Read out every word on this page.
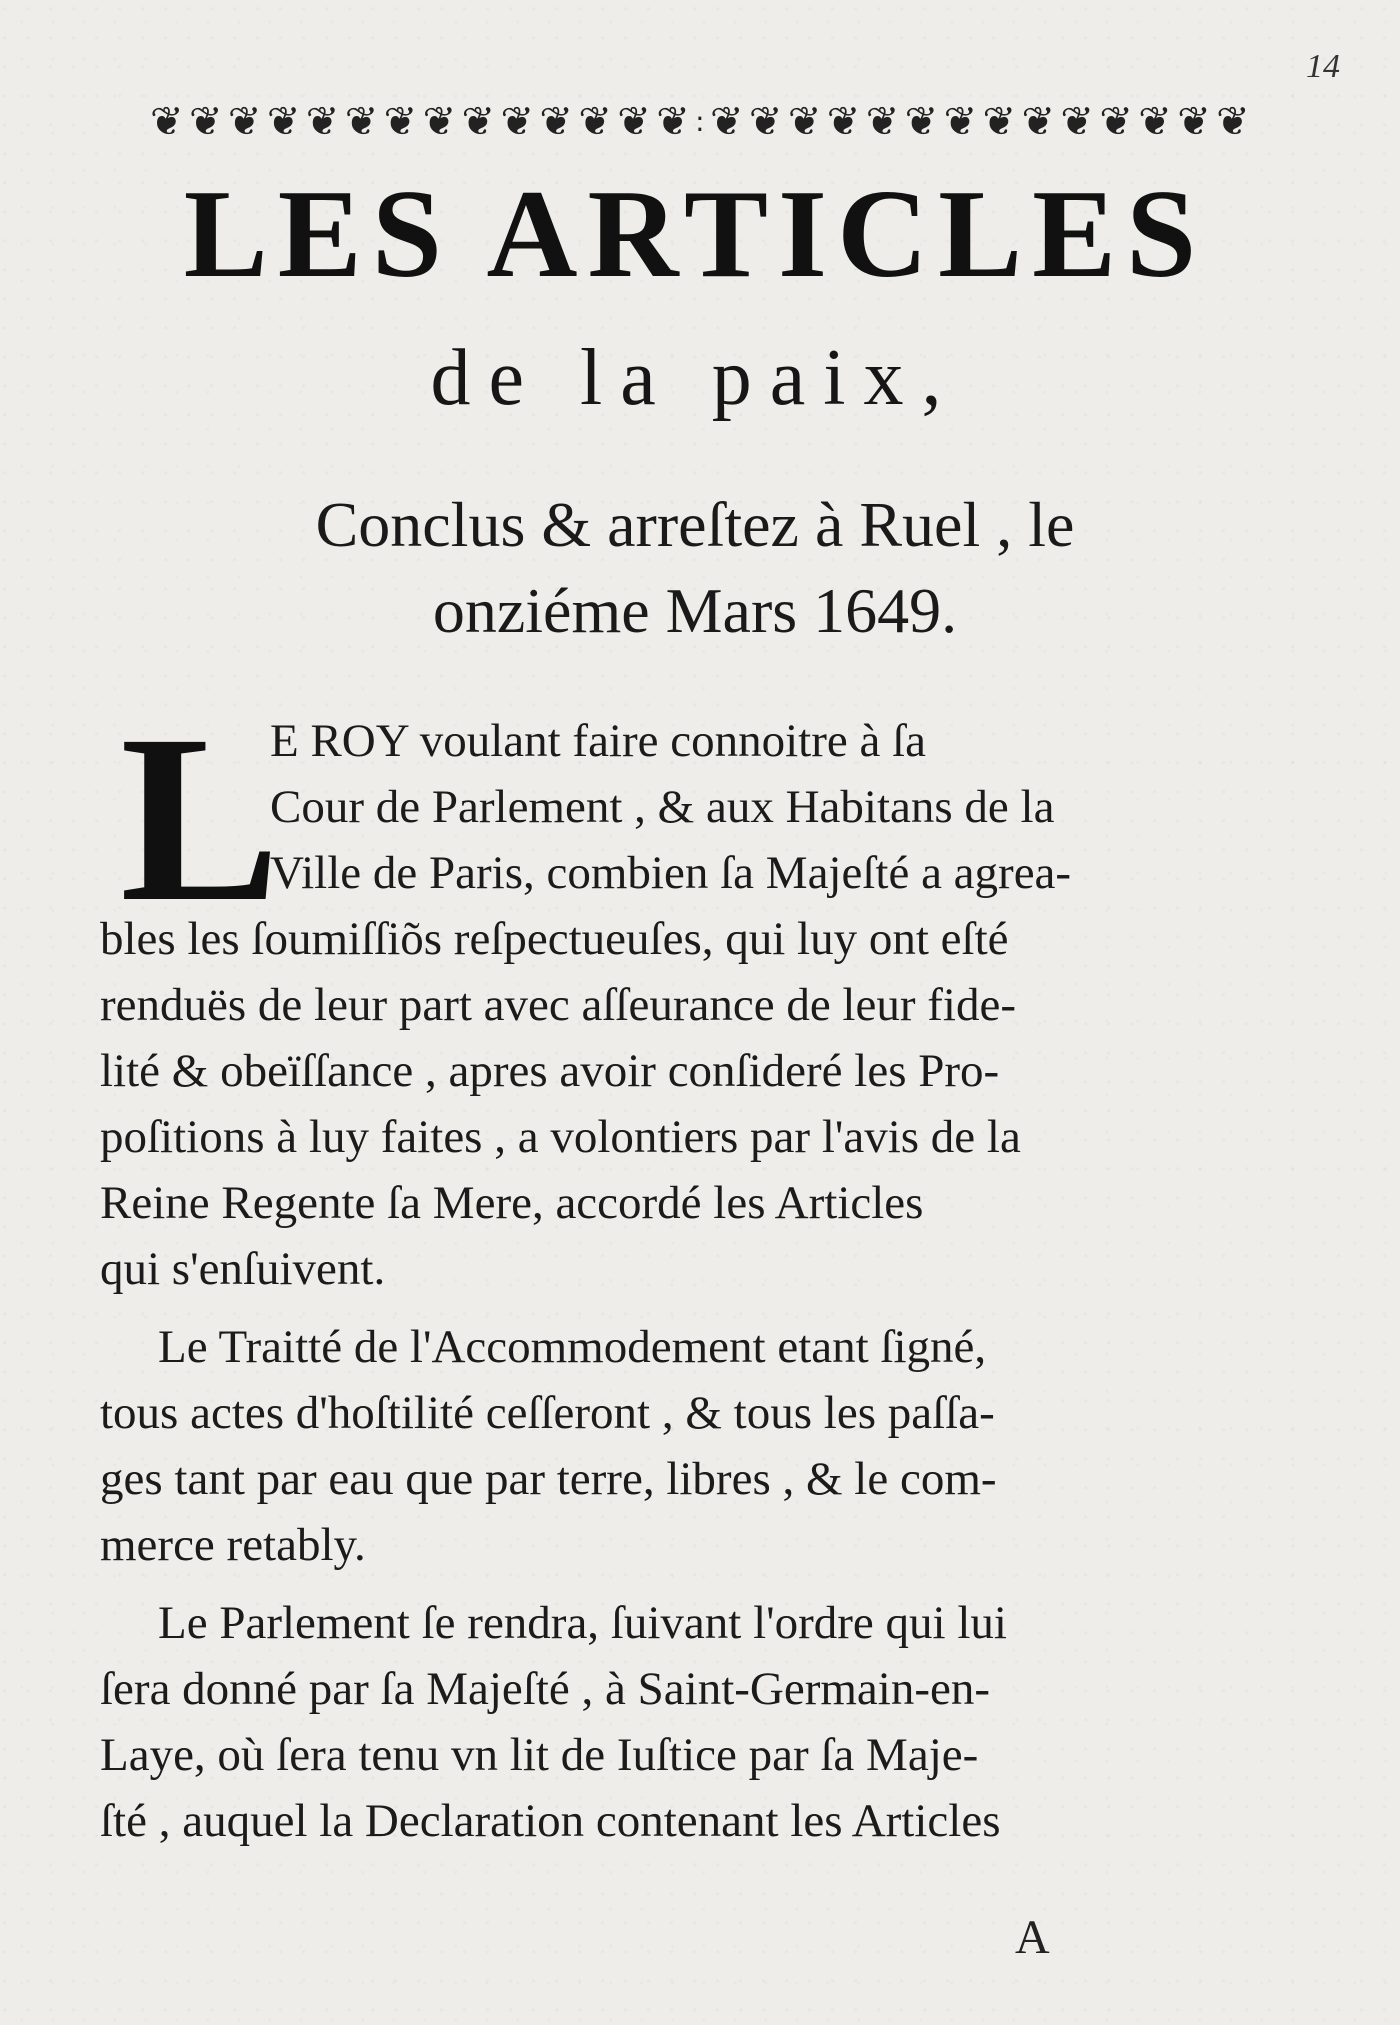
14
❦ ❦ ❦ ❦ ❦ ❦ ❦ ❦ ❦ ❦ ❦ ❦ ❦ ❦ : ❦ ❦ ❦ ❦ ❦ ❦ ❦ ❦ ❦ ❦ ❦ ❦ ❦ ❦
LES ARTICLES
de la paix,
Conclus & arreſtez à Ruel , le
onziéme Mars 1649.
L
E ROY voulant faire connoitre à ſa
Cour de Parlement , & aux Habitans de la
Ville de Paris, combien ſa Majeſté a agrea-
bles les ſoumiſſiõs reſpectueuſes, qui luy ont eſté
renduës de leur part avec aſſeurance de leur fide-
lité & obeïſſance , apres avoir conſideré les Pro-
poſitions à luy faites , a volontiers par l'avis de la
Reine Regente ſa Mere, accordé les Articles
qui s'enſuivent.
Le Traitté de l'Accommodement etant ſigné,
tous actes d'hoſtilité ceſſeront , & tous les paſſa-
ges tant par eau que par terre, libres , & le com-
merce retably.
Le Parlement ſe rendra, ſuivant l'ordre qui lui
ſera donné par ſa Majeſté , à Saint-Germain-en-
Laye, où ſera tenu vn lit de Iuſtice par ſa Maje-
ſté , auquel la Declaration contenant les Articles
A
